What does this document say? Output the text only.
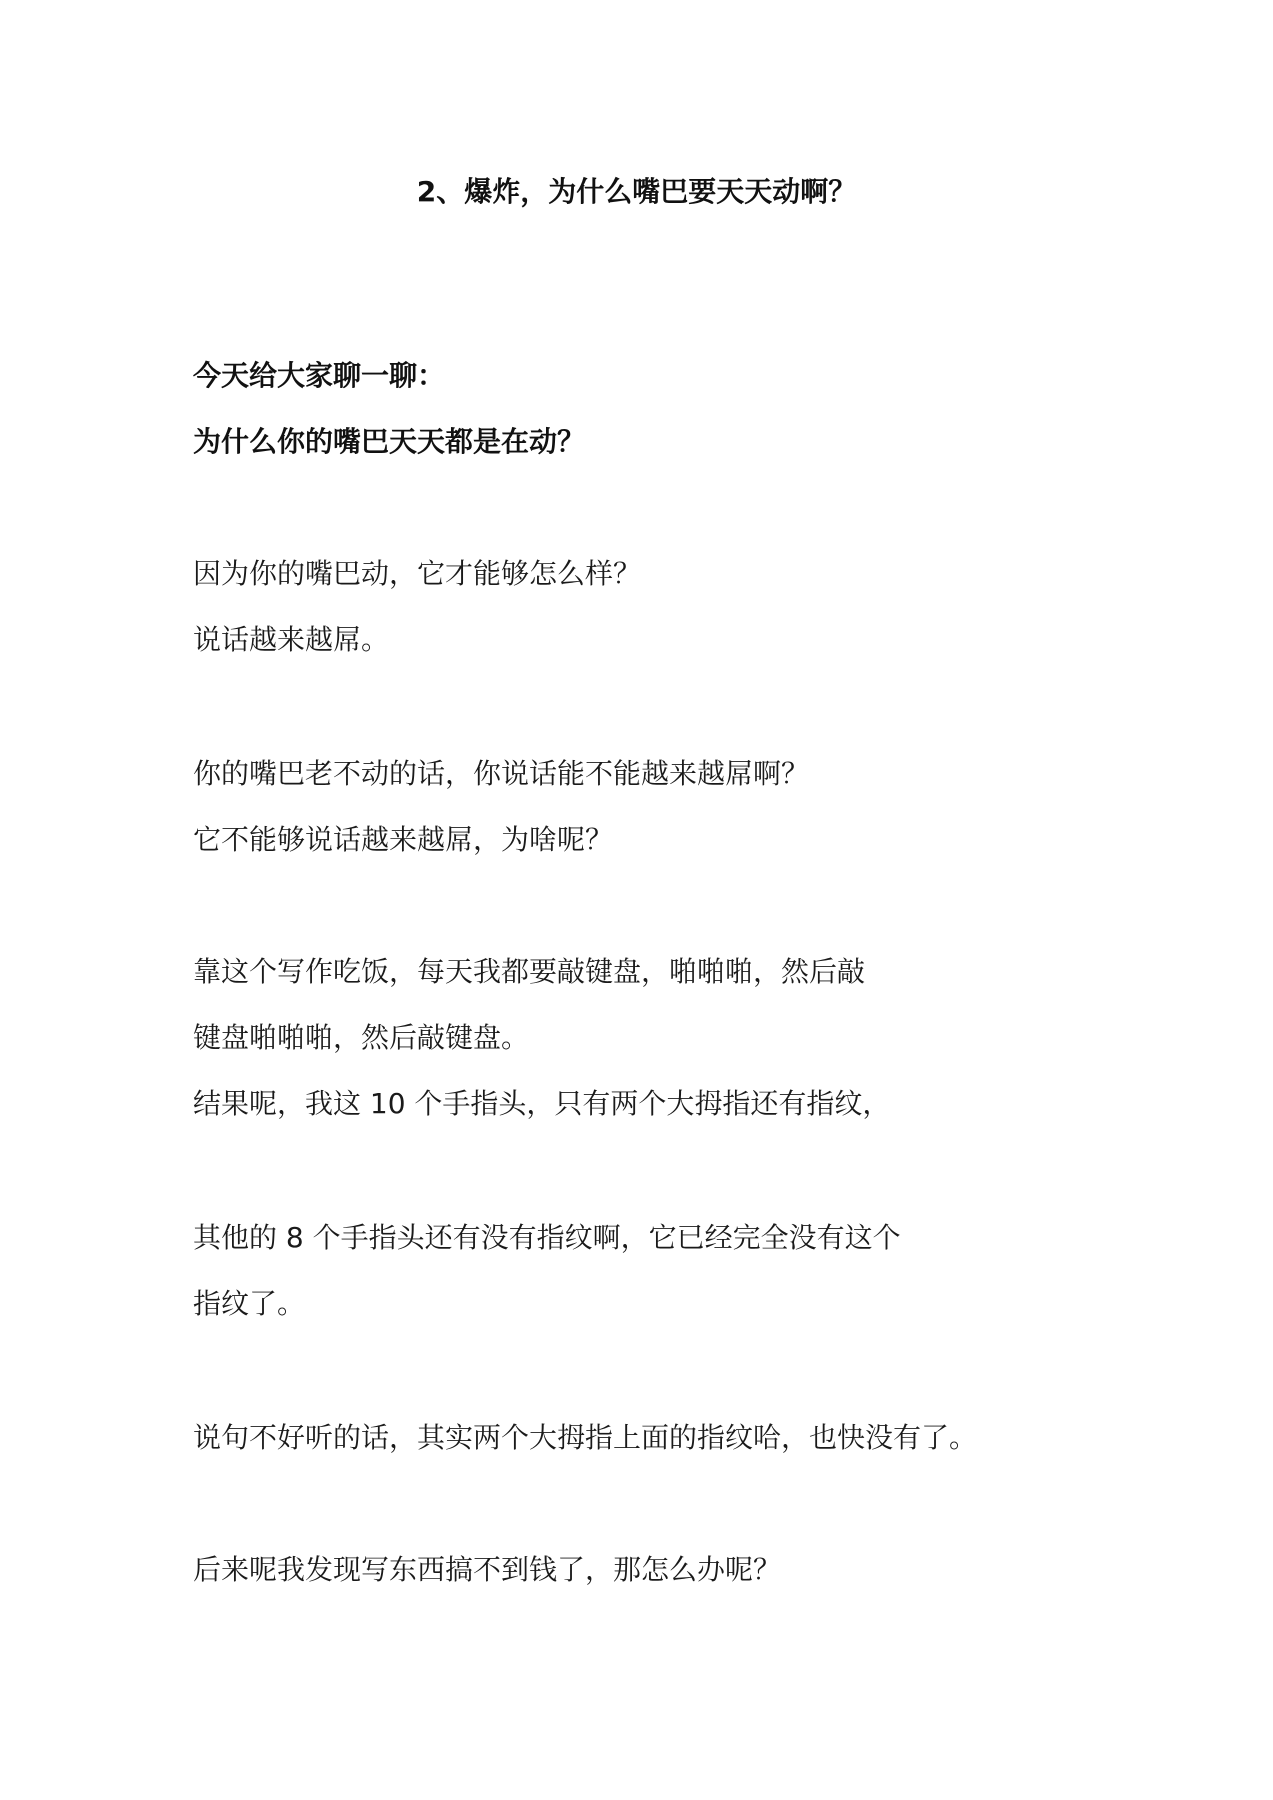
2、爆炸，为什么嘴巴要天天动啊？
今天给大家聊一聊：
为什么你的嘴巴天天都是在动？
因为你的嘴巴动，它才能够怎么样？
说话越来越屌。
你的嘴巴老不动的话，你说话能不能越来越屌啊？
它不能够说话越来越屌，为啥呢？
靠这个写作吃饭，每天我都要敲键盘，啪啪啪，然后敲
键盘啪啪啪，然后敲键盘。
结果呢，我这 10 个手指头，只有两个大拇指还有指纹，
其他的 8 个手指头还有没有指纹啊，它已经完全没有这个
指纹了。
说句不好听的话，其实两个大拇指上面的指纹哈，也快没有了。
后来呢我发现写东西搞不到钱了，那怎么办呢？
